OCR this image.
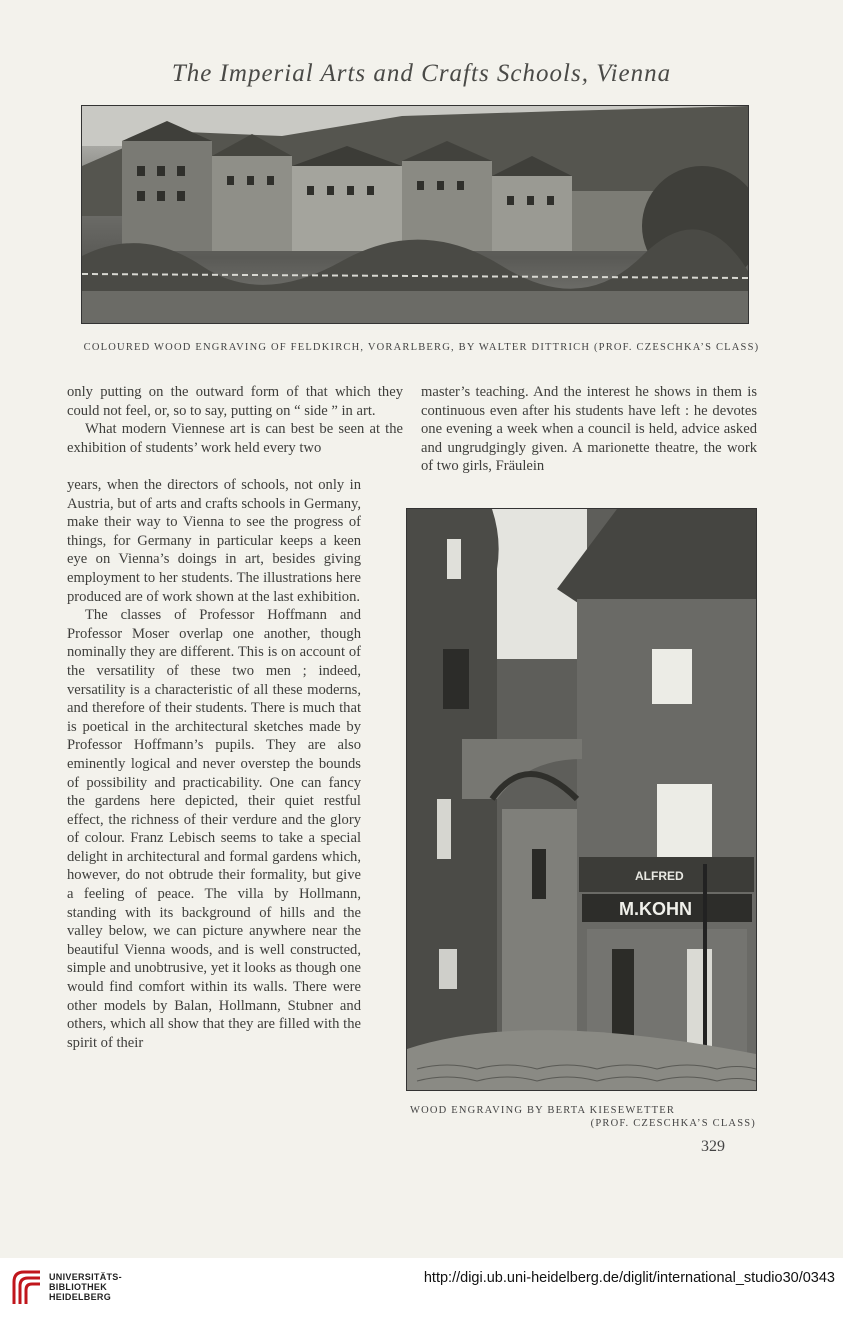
The Imperial Arts and Crafts Schools, Vienna
COLOURED WOOD ENGRAVING OF FELDKIRCH, VORARLBERG, BY WALTER DITTRICH (PROF. CZESCHKA’S CLASS)

only putting on the outward form of that which they could not feel, or, so to say, putting on “ side ” in art.

What modern Viennese art is can best be seen at the exhibition of students’ work held every two

master’s teaching. And the interest he shows in them is continuous even after his students have left : he devotes one evening a week when a council is held, advice asked and ungrudgingly given. A marionette theatre, the work of two girls, Fräulein

years, when the directors of schools, not only in Austria, but of arts and crafts schools in Germany, make their way to Vienna to see the progress of things, for Germany in particular keeps a keen eye on Vienna’s doings in art, besides giving employment to her students. The illustrations here produced are of work shown at the last exhibition.

The classes of Professor Hoffmann and Professor Moser overlap one another, though nominally they are different. This is on account of the versatility of these two men ; indeed, versatility is a characteristic of all these moderns, and therefore of their students. There is much that is poetical in the architectural sketches made by Professor Hoffmann’s pupils. They are also eminently logical and never overstep the bounds of possibility and practicability. One can fancy the gardens here depicted, their quiet restful effect, the richness of their verdure and the glory of colour. Franz Lebisch seems to take a special delight in architectural and formal gardens which, however, do not obtrude their formality, but give a feeling of peace. The villa by Hollmann, standing with its background of hills and the valley below, we can picture anywhere near the beautiful Vienna woods, and is well constructed, simple and unobtrusive, yet it looks as though one would find comfort within its walls. There were other models by Balan, Hollmann, Stubner and others, which all show that they are filled with the spirit of their

ALFRED
M.KOHN
WOOD ENGRAVING BY BERTA KIESEWETTER
(PROF. CZESCHKA’S CLASS)
329
UNIVERSITÄTS-
BIBLIOTHEK
HEIDELBERG
http://digi.ub.uni-heidelberg.de/diglit/international_studio30/0343
